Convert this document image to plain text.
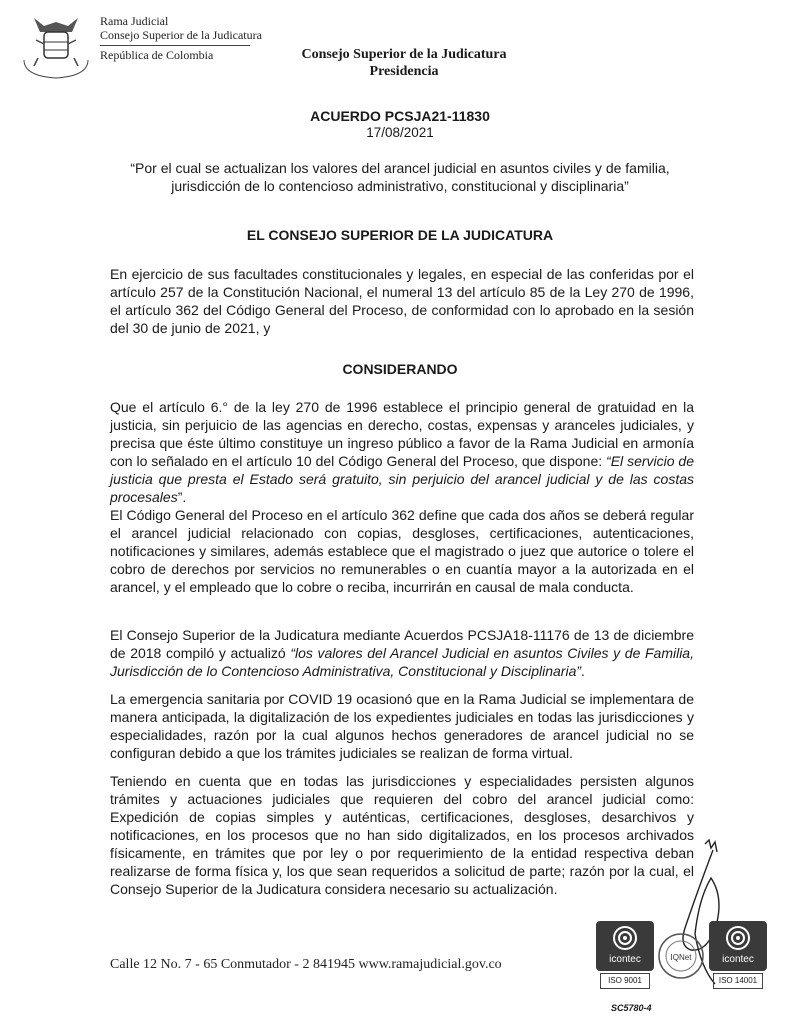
Rama Judicial
Consejo Superior de la Judicatura
República de Colombia	Consejo Superior de la Judicatura
Presidencia
ACUERDO PCSJA21-11830
17/08/2021
“Por el cual se actualizan los valores del arancel judicial en asuntos civiles y de familia, jurisdicción de lo contencioso administrativo, constitucional y disciplinaria”
EL CONSEJO SUPERIOR DE LA JUDICATURA
En ejercicio de sus facultades constitucionales y legales, en especial de las conferidas por el artículo 257 de la Constitución Nacional, el numeral 13 del artículo 85 de la Ley 270 de 1996, el artículo 362 del Código General del Proceso, de conformidad con lo aprobado en la sesión del 30 de junio de 2021, y
CONSIDERANDO
Que el artículo 6.° de la ley 270 de 1996 establece el principio general de gratuidad en la justicia, sin perjuicio de las agencias en derecho, costas, expensas y aranceles judiciales, y precisa que éste último constituye un ingreso público a favor de la Rama Judicial en armonía con lo señalado en el artículo 10 del Código General del Proceso, que dispone: “El servicio de justicia que presta el Estado será gratuito, sin perjuicio del arancel judicial y de las costas procesales”.
El Código General del Proceso en el artículo 362 define que cada dos años se deberá regular el arancel judicial relacionado con copias, desgloses, certificaciones, autenticaciones, notificaciones y similares, además establece que el magistrado o juez que autorice o tolere el cobro de derechos por servicios no remunerables o en cuantía mayor a la autorizada en el arancel, y el empleado que lo cobre o reciba, incurrirán en causal de mala conducta.
El Consejo Superior de la Judicatura mediante Acuerdos PCSJA18-11176 de 13 de diciembre de 2018 compiló y actualizó “los valores del Arancel Judicial en asuntos Civiles y de Familia, Jurisdicción de lo Contencioso Administrativa, Constitucional y Disciplinaria”.
La emergencia sanitaria por COVID 19 ocasionó que en la Rama Judicial se implementara de manera anticipada, la digitalización de los expedientes judiciales en todas las jurisdicciones y especialidades, razón por la cual algunos hechos generadores de arancel judicial no se configuran debido a que los trámites judiciales se realizan de forma virtual.
Teniendo en cuenta que en todas las jurisdicciones y especialidades persisten algunos trámites y actuaciones judiciales que requieren del cobro del arancel judicial como: Expedición de copias simples y auténticas, certificaciones, desgloses, desarchivos y notificaciones, en los procesos que no han sido digitalizados, en los procesos archivados físicamente, en trámites que por ley o por requerimiento de la entidad respectiva deban realizarse de forma física y, los que sean requeridos a solicitud de parte; razón por la cual, el Consejo Superior de la Judicatura considera necesario su actualización.
Calle 12 No. 7 - 65 Conmutador - 2 841945 www.ramajudicial.gov.co	icontec
ISO 9001
IQNet	icontec
ISO 14001
SC5780-4
